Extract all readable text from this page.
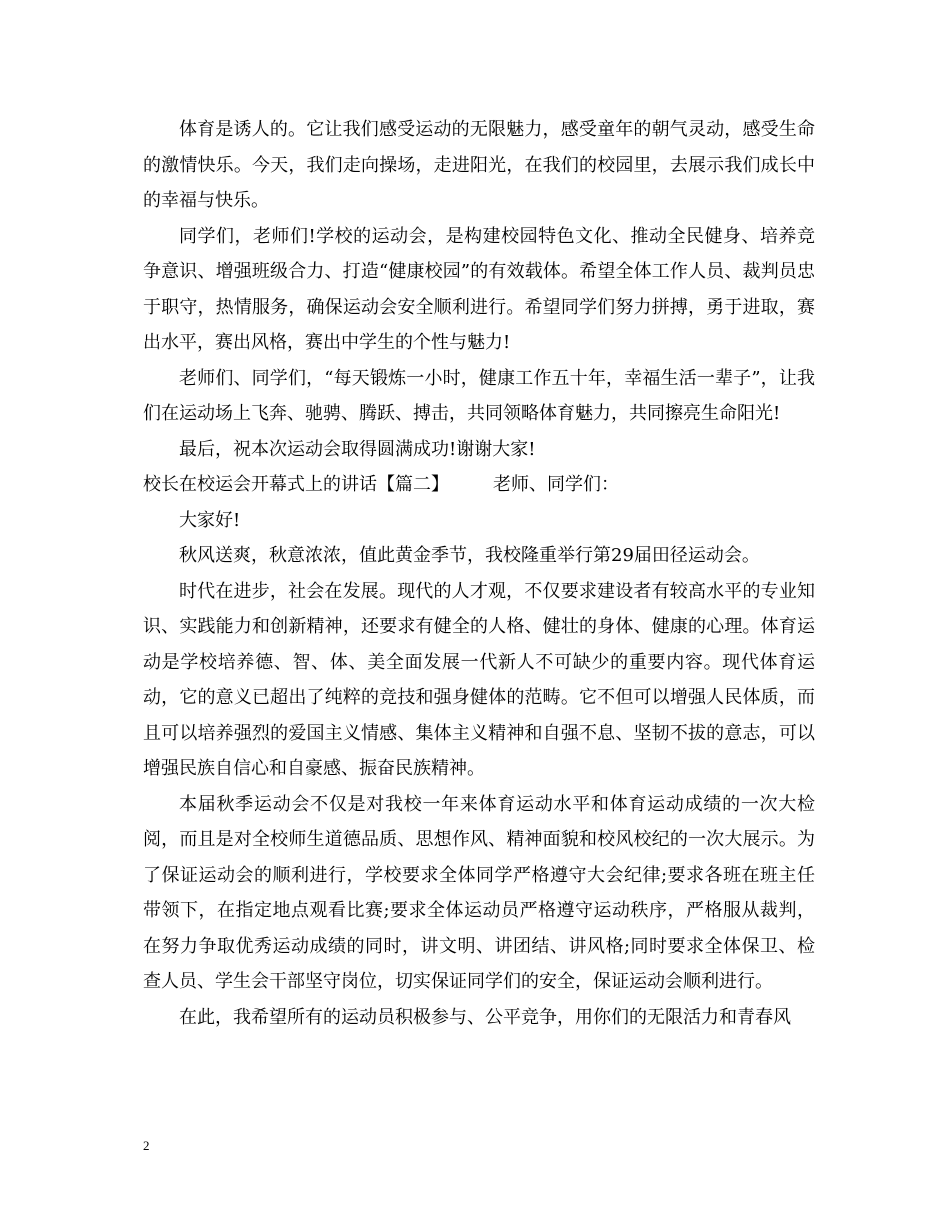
体育是诱人的。它让我们感受运动的无限魅力，感受童年的朝气灵动，感受生命的激情快乐。今天，我们走向操场，走进阳光，在我们的校园里，去展示我们成长中的幸福与快乐。

同学们，老师们!学校的运动会，是构建校园特色文化、推动全民健身、培养竞争意识、增强班级合力、打造“健康校园”的有效载体。希望全体工作人员、裁判员忠于职守，热情服务，确保运动会安全顺利进行。希望同学们努力拼搏，勇于进取，赛出水平，赛出风格，赛出中学生的个性与魅力!

老师们、同学们，“每天锻炼一小时，健康工作五十年，幸福生活一辈子”，让我们在运动场上飞奔、驰骋、腾跃、搏击，共同领略体育魅力，共同擦亮生命阳光!

最后，祝本次运动会取得圆满成功!谢谢大家!

校长在校运会开幕式上的讲话【篇二】 老师、同学们：

大家好!

秋风送爽，秋意浓浓，值此黄金季节，我校隆重举行第29届田径运动会。

时代在进步，社会在发展。现代的人才观，不仅要求建设者有较高水平的专业知识、实践能力和创新精神，还要求有健全的人格、健壮的身体、健康的心理。体育运动是学校培养德、智、体、美全面发展一代新人不可缺少的重要内容。现代体育运动，它的意义已超出了纯粹的竞技和强身健体的范畴。它不但可以增强人民体质，而且可以培养强烈的爱国主义情感、集体主义精神和自强不息、坚韧不拔的意志，可以增强民族自信心和自豪感、振奋民族精神。

本届秋季运动会不仅是对我校一年来体育运动水平和体育运动成绩的一次大检阅，而且是对全校师生道德品质、思想作风、精神面貌和校风校纪的一次大展示。为了保证运动会的顺利进行，学校要求全体同学严格遵守大会纪律;要求各班在班主任带领下，在指定地点观看比赛;要求全体运动员严格遵守运动秩序，严格服从裁判，在努力争取优秀运动成绩的同时，讲文明、讲团结、讲风格;同时要求全体保卫、检查人员、学生会干部坚守岗位，切实保证同学们的安全，保证运动会顺利进行。

在此，我希望所有的运动员积极参与、公平竞争，用你们的无限活力和青春风

2
